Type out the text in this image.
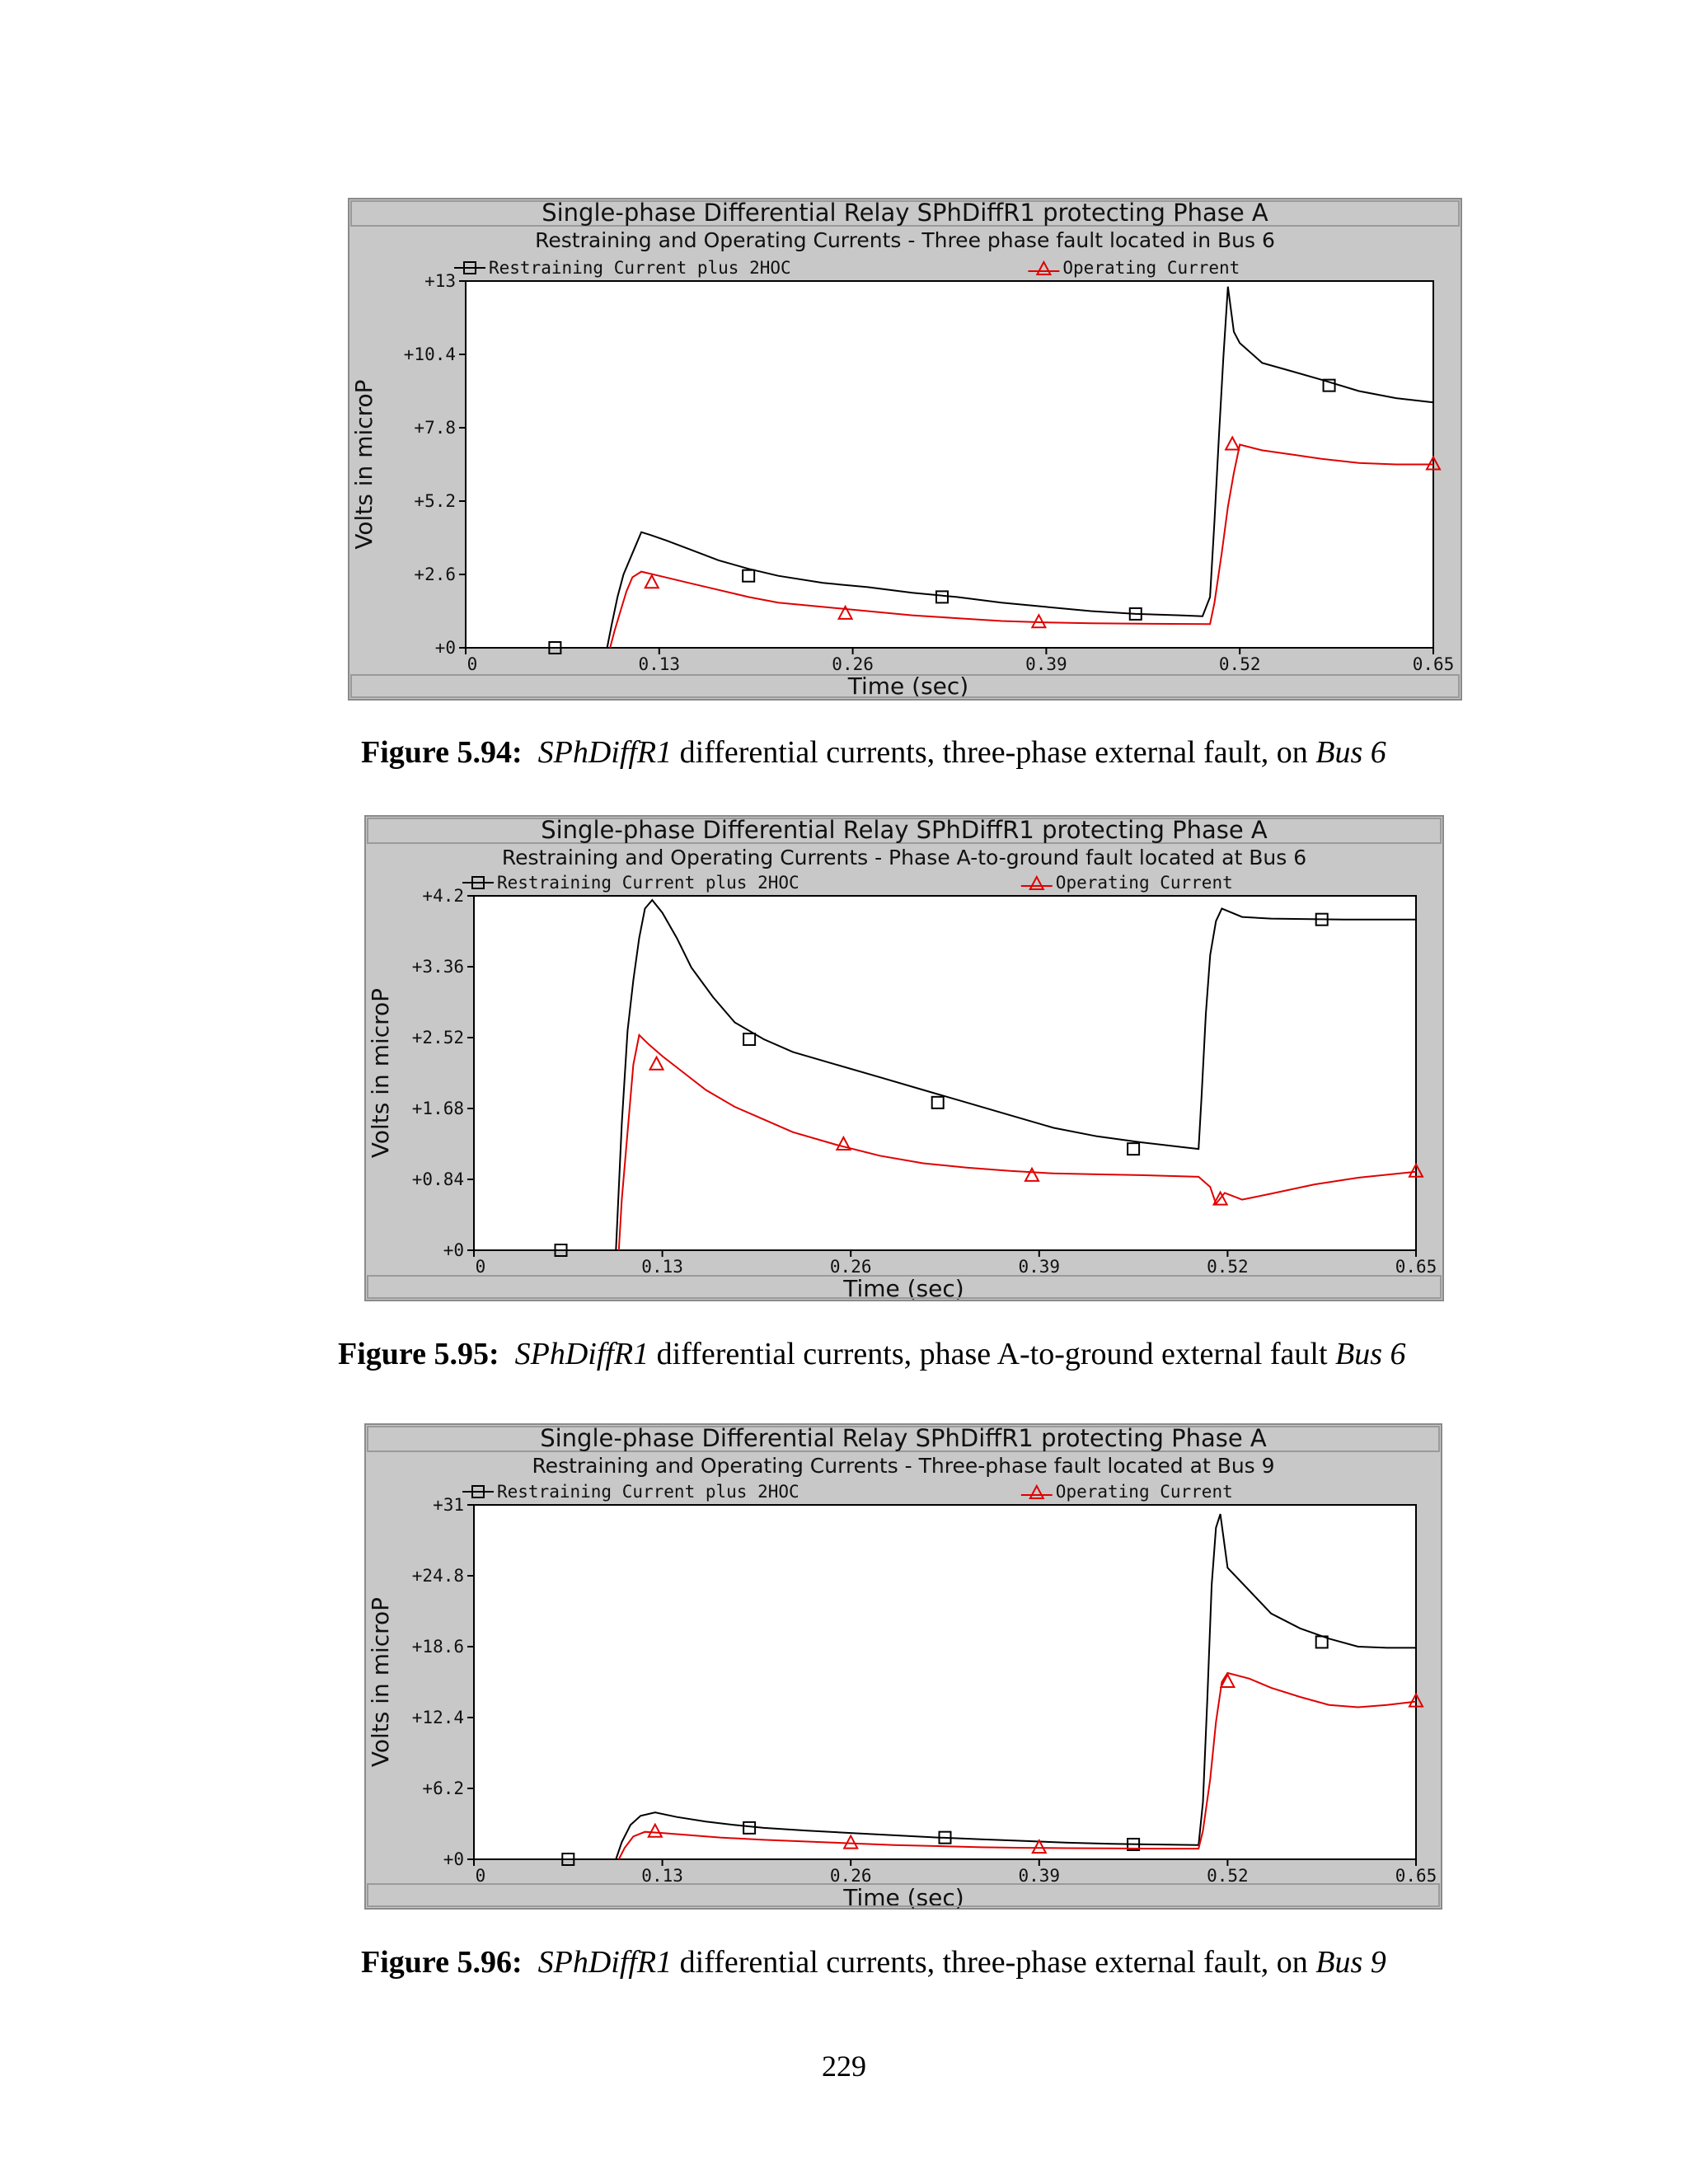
Single-phase Differential Relay SPhDiffR1 protecting Phase A
Restraining and Operating Currents - Three phase fault located in Bus 6
Restraining Current plus 2HOC	Operating Current
+0
+2.6
+5.2
+7.8
+10.4
+13
0	0.13	0.26	0.39	0.52	0.65
Time (sec)
Volts in microP
Single-phase Differential Relay SPhDiffR1 protecting Phase A
Restraining and Operating Currents - Phase A-to-ground fault located at Bus 6
Restraining Current plus 2HOC	Operating Current
+0
+0.84
+1.68
+2.52
+3.36
+4.2
0	0.13	0.26	0.39	0.52	0.65
Time (sec)
Volts in microP
Single-phase Differential Relay SPhDiffR1 protecting Phase A
Restraining and Operating Currents - Three-phase fault located at Bus 9
Restraining Current plus 2HOC	Operating Current
+0
+6.2
+12.4
+18.6
+24.8
+31
0	0.13	0.26	0.39	0.52	0.65
Time (sec)
Volts in microP
Figure 5.94: SPhDiffR1 differential currents, three-phase external fault, on Bus 6
Figure 5.95: SPhDiffR1 differential currents, phase A-to-ground external fault Bus 6
Figure 5.96: SPhDiffR1 differential currents, three-phase external fault, on Bus 9
229
